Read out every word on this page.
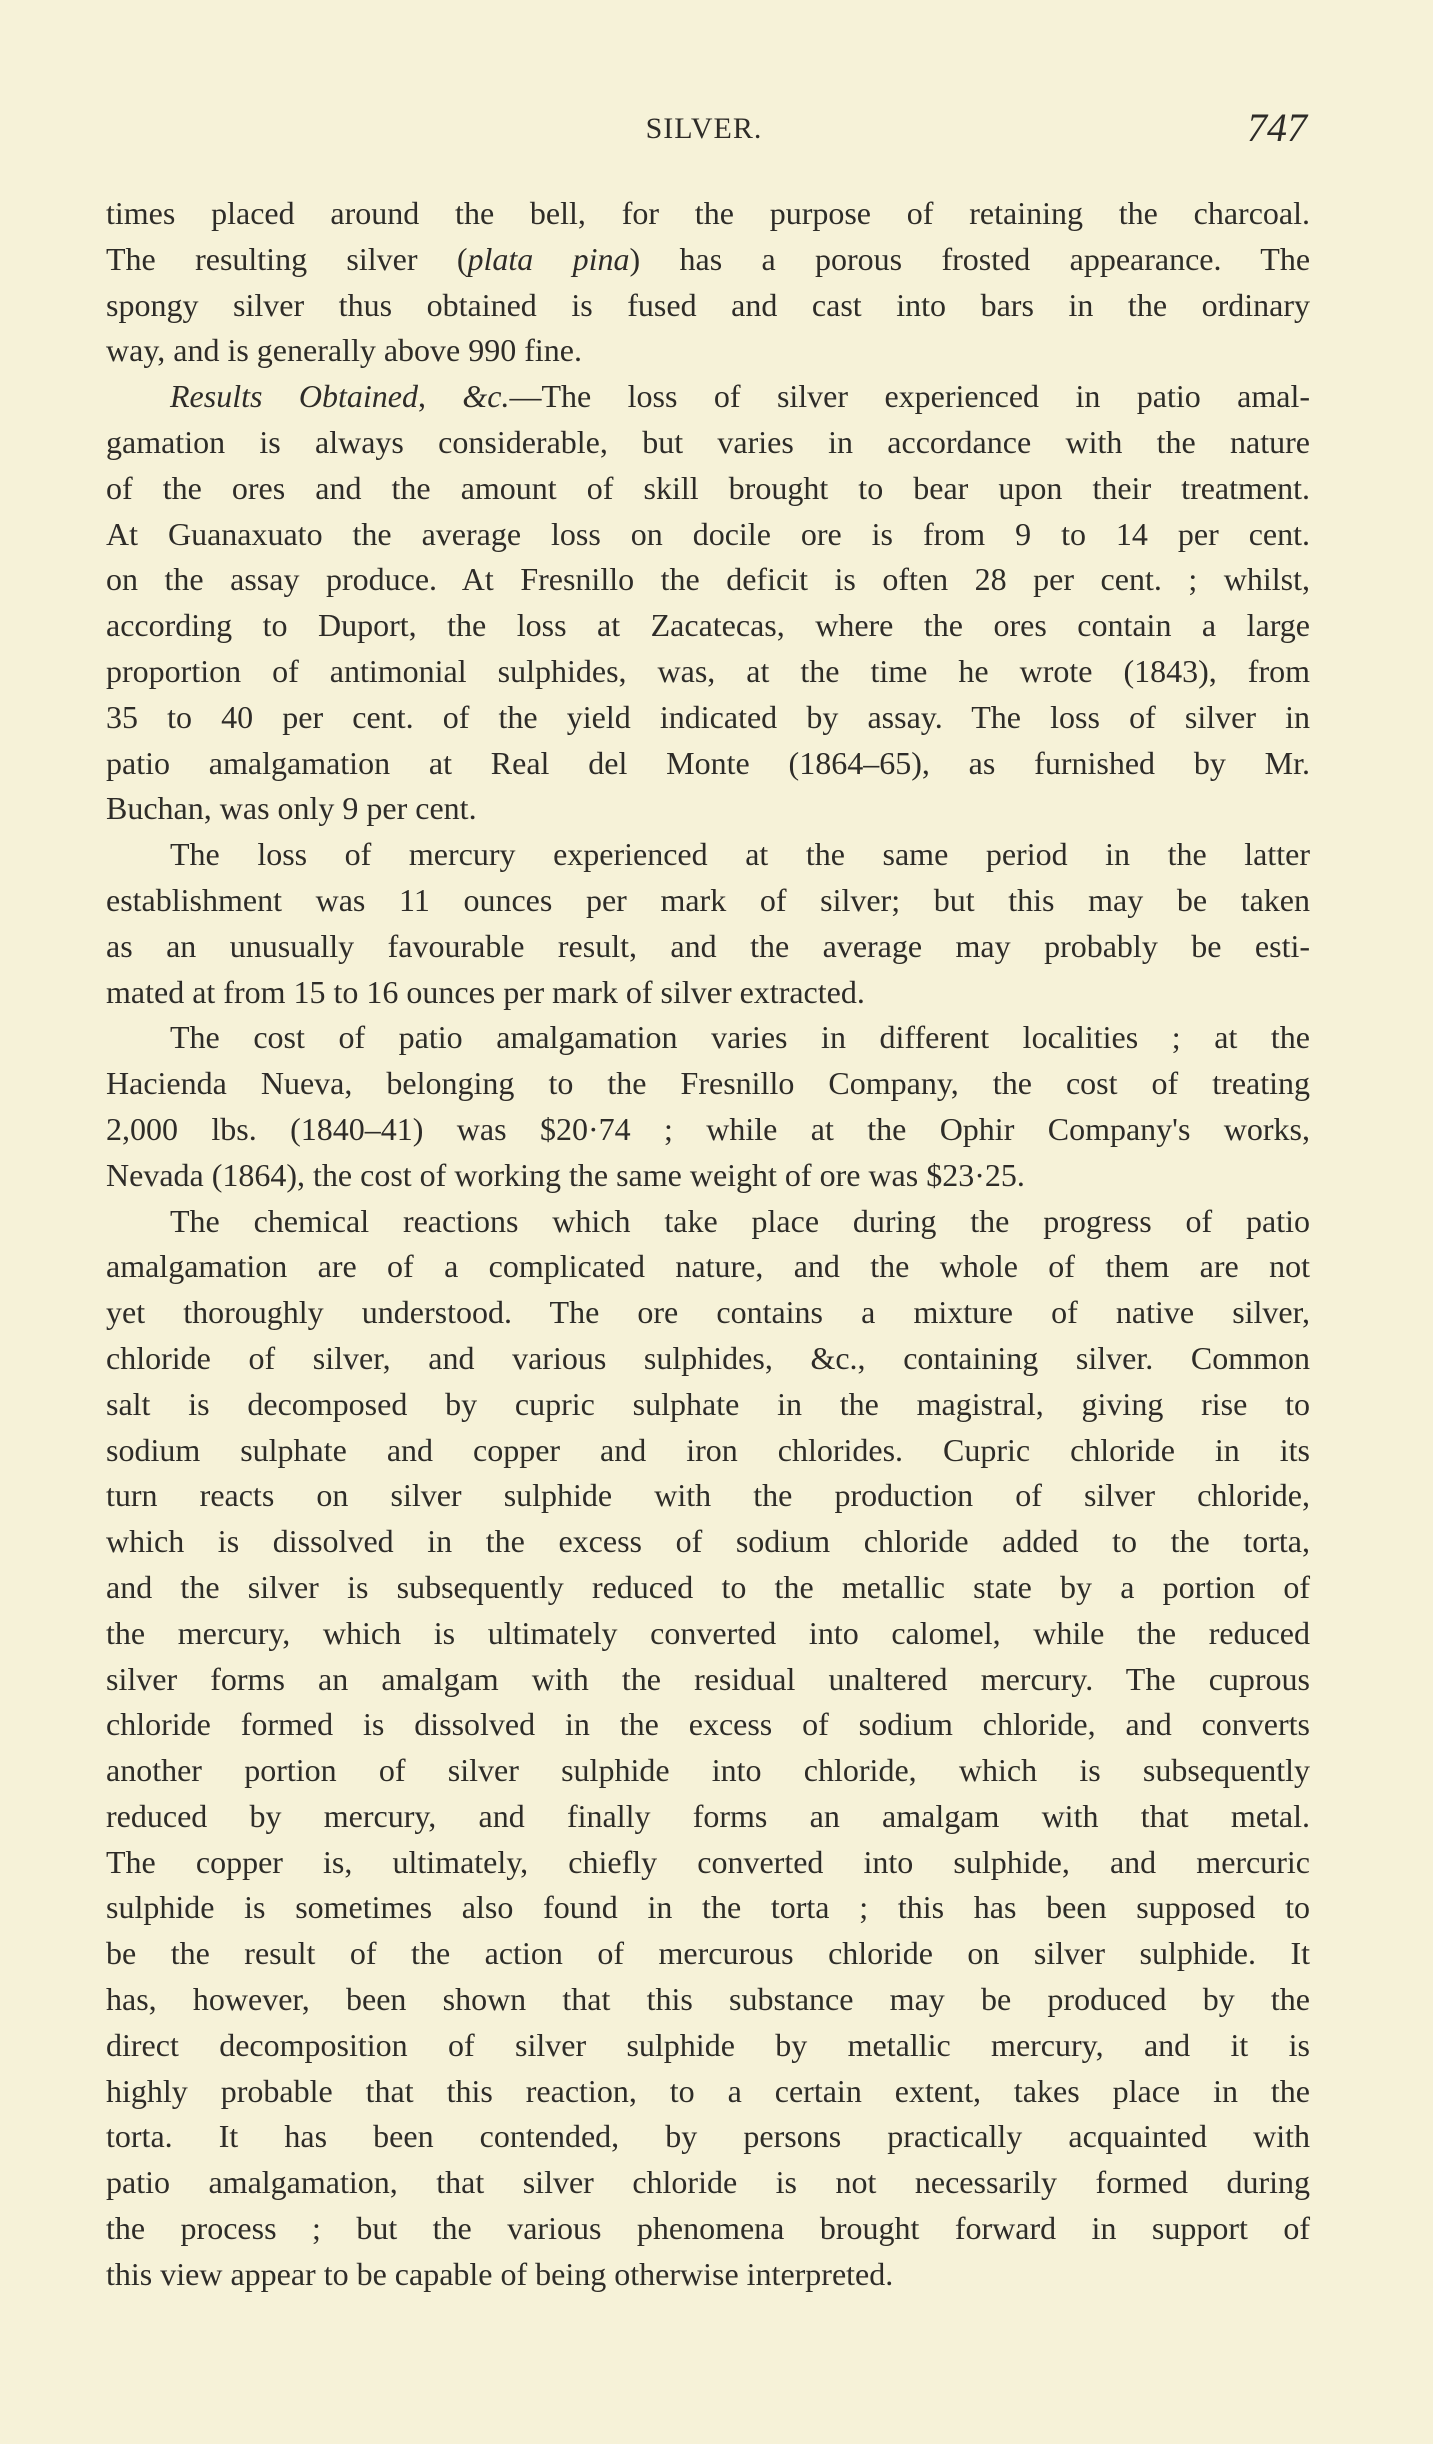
SILVER.	747
times placed around the bell, for the purpose of retaining the charcoal.
The resulting silver (plata pina) has a porous frosted appearance. The
spongy silver thus obtained is fused and cast into bars in the ordinary
way, and is generally above 990 fine.
Results Obtained, &c.—The loss of silver experienced in patio amal-
gamation is always considerable, but varies in accordance with the nature
of the ores and the amount of skill brought to bear upon their treatment.
At Guanaxuato the average loss on docile ore is from 9 to 14 per cent.
on the assay produce. At Fresnillo the deficit is often 28 per cent. ; whilst,
according to Duport, the loss at Zacatecas, where the ores contain a large
proportion of antimonial sulphides, was, at the time he wrote (1843), from
35 to 40 per cent. of the yield indicated by assay. The loss of silver in
patio amalgamation at Real del Monte (1864–65), as furnished by Mr.
Buchan, was only 9 per cent.
The loss of mercury experienced at the same period in the latter
establishment was 11 ounces per mark of silver; but this may be taken
as an unusually favourable result, and the average may probably be esti-
mated at from 15 to 16 ounces per mark of silver extracted.
The cost of patio amalgamation varies in different localities ; at the
Hacienda Nueva, belonging to the Fresnillo Company, the cost of treating
2,000 lbs. (1840–41) was $20·74 ; while at the Ophir Company's works,
Nevada (1864), the cost of working the same weight of ore was $23·25.
The chemical reactions which take place during the progress of patio
amalgamation are of a complicated nature, and the whole of them are not
yet thoroughly understood. The ore contains a mixture of native silver,
chloride of silver, and various sulphides, &c., containing silver. Common
salt is decomposed by cupric sulphate in the magistral, giving rise to
sodium sulphate and copper and iron chlorides. Cupric chloride in its
turn reacts on silver sulphide with the production of silver chloride,
which is dissolved in the excess of sodium chloride added to the torta,
and the silver is subsequently reduced to the metallic state by a portion of
the mercury, which is ultimately converted into calomel, while the reduced
silver forms an amalgam with the residual unaltered mercury. The cuprous
chloride formed is dissolved in the excess of sodium chloride, and converts
another portion of silver sulphide into chloride, which is subsequently
reduced by mercury, and finally forms an amalgam with that metal.
The copper is, ultimately, chiefly converted into sulphide, and mercuric
sulphide is sometimes also found in the torta ; this has been supposed to
be the result of the action of mercurous chloride on silver sulphide. It
has, however, been shown that this substance may be produced by the
direct decomposition of silver sulphide by metallic mercury, and it is
highly probable that this reaction, to a certain extent, takes place in the
torta. It has been contended, by persons practically acquainted with
patio amalgamation, that silver chloride is not necessarily formed during
the process ; but the various phenomena brought forward in support of
this view appear to be capable of being otherwise interpreted.
